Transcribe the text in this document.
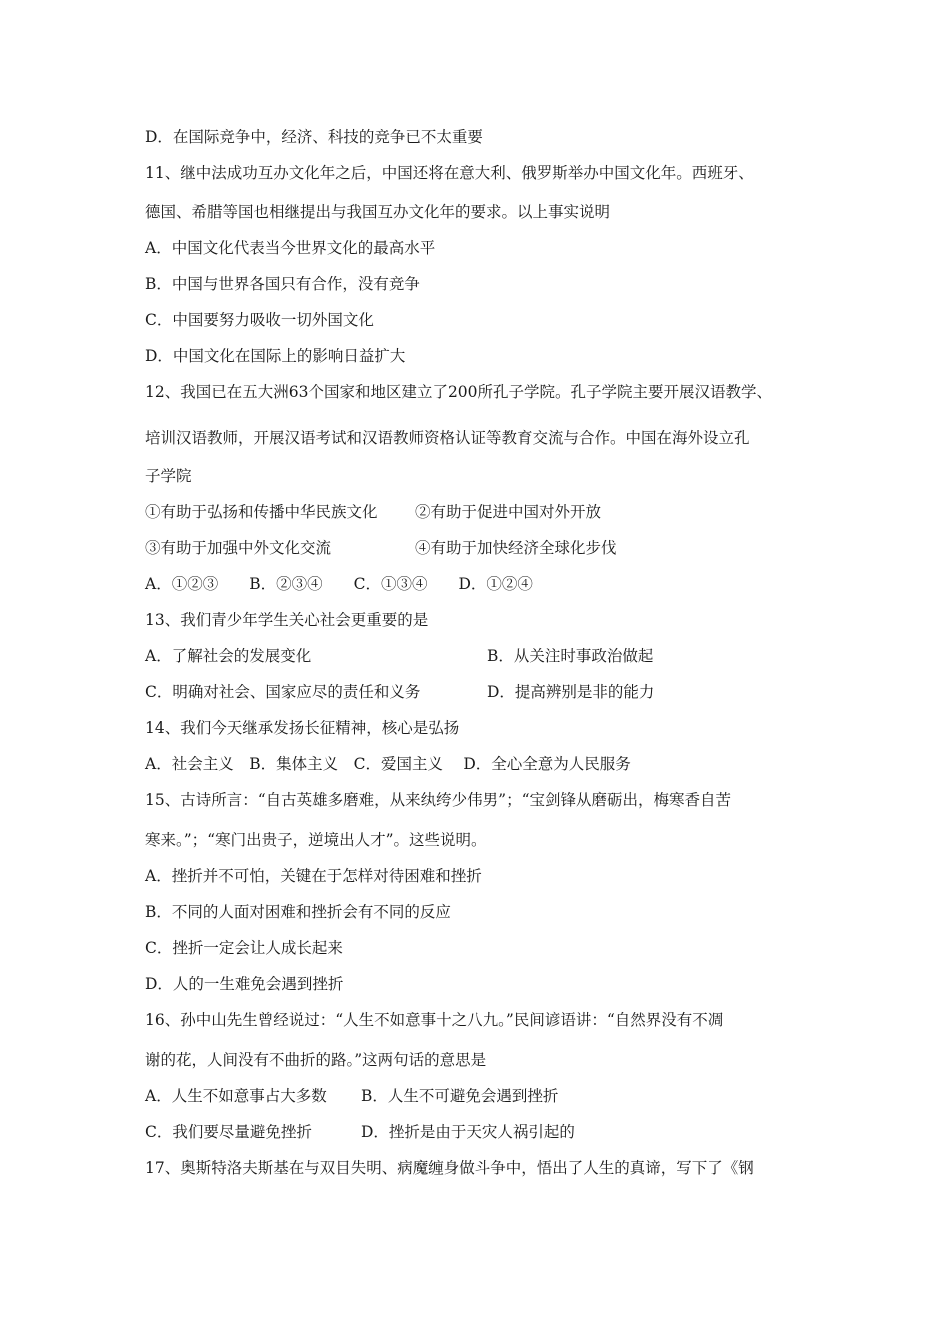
D．在国际竞争中，经济、科技的竞争已不太重要
11、继中法成功互办文化年之后，中国还将在意大利、俄罗斯举办中国文化年。西班牙、
德国、希腊等国也相继提出与我国互办文化年的要求。以上事实说明
A．中国文化代表当今世界文化的最高水平
B．中国与世界各国只有合作，没有竞争
C．中国要努力吸收一切外国文化
D．中国文化在国际上的影响日益扩大
12、我国已在五大洲63个国家和地区建立了200所孔子学院。孔子学院主要开展汉语教学、
培训汉语教师，开展汉语考试和汉语教师资格认证等教育交流与合作。中国在海外设立孔
子学院
①有助于弘扬和传播中华民族文化 ②有助于促进中国对外开放
③有助于加强中外文化交流	④有助于加快经济全球化步伐
A．①②③　　B．②③④　　C．①③④　　D．①②④
13、我们青少年学生关心社会更重要的是
A．了解社会的发展变化	B．从关注时事政治做起
C．明确对社会、国家应尽的责任和义务	D．提高辨别是非的能力
14、我们今天继承发扬长征精神，核心是弘扬
A．社会主义　B．集体主义　C．爱国主义　 D．全心全意为人民服务
15、古诗所言：“自古英雄多磨难，从来纨绔少伟男”；“宝剑锋从磨砺出，梅寒香自苦
寒来。”；“寒门出贵子，逆境出人才”。这些说明。
A．挫折并不可怕，关键在于怎样对待困难和挫折
B．不同的人面对困难和挫折会有不同的反应
C．挫折一定会让人成长起来
D．人的一生难免会遇到挫折
16、孙中山先生曾经说过：“人生不如意事十之八九。”民间谚语讲：“自然界没有不凋
谢的花，人间没有不曲折的路。”这两句话的意思是
A．人生不如意事占大多数 B．人生不可避免会遇到挫折
C．我们要尽量避免挫折	D．挫折是由于天灾人祸引起的
17、奥斯特洛夫斯基在与双目失明、病魔缠身做斗争中，悟出了人生的真谛，写下了《钢
